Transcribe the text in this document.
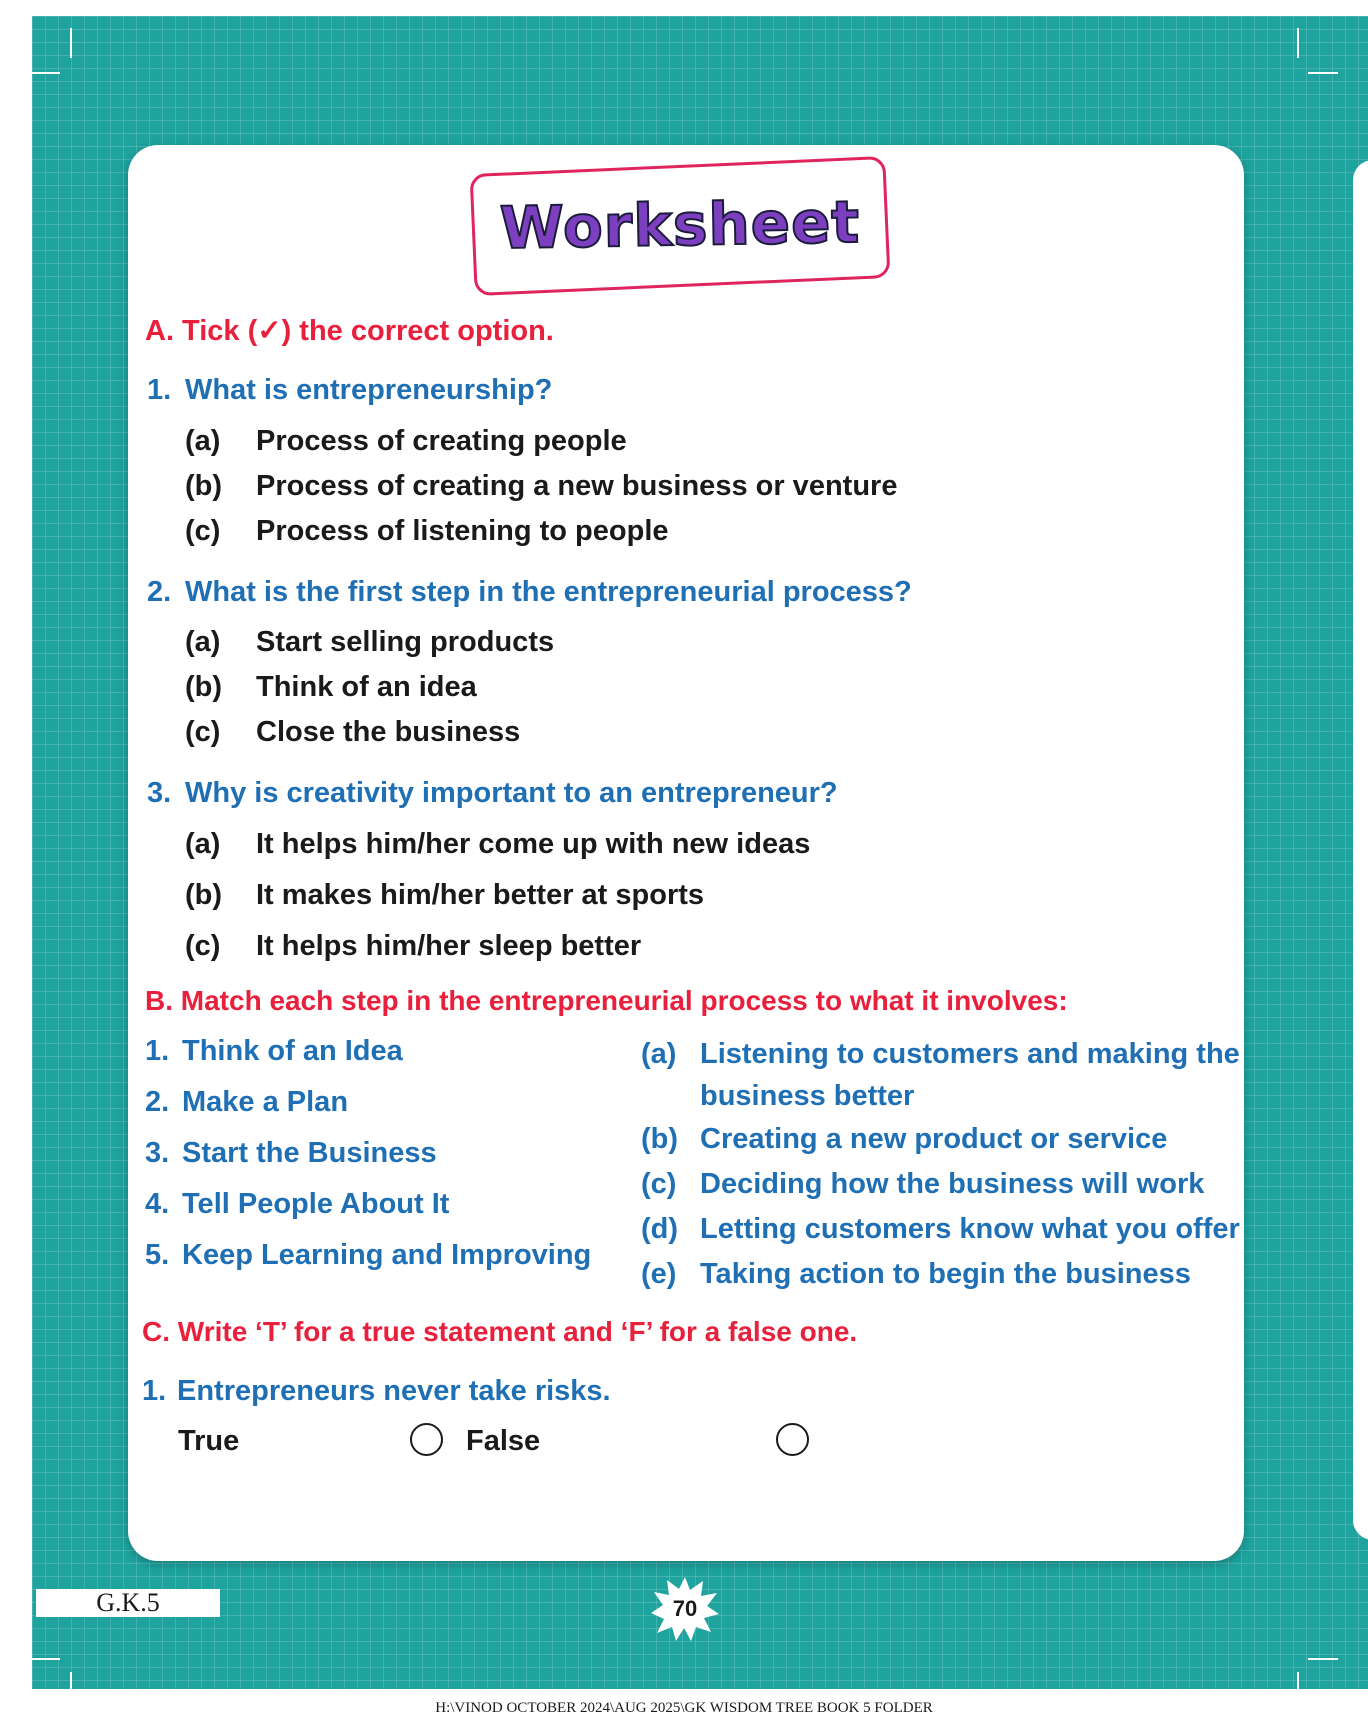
Worksheet
A. Tick (✓) the correct option.
1. What is entrepreneurship?
(a) Process of creating people
(b) Process of creating a new business or venture
(c) Process of listening to people
2. What is the first step in the entrepreneurial process?
(a) Start selling products
(b) Think of an idea
(c) Close the business
3. Why is creativity important to an entrepreneur?
(a) It helps him/her come up with new ideas
(b) It makes him/her better at sports
(c) It helps him/her sleep better
B. Match each step in the entrepreneurial process to what it involves:
1. Think of an Idea
2. Make a Plan
3. Start the Business
4. Tell People About It
5. Keep Learning and Improving
(a) Listening to customers and making the
business better
(b) Creating a new product or service
(c) Deciding how the business will work
(d) Letting customers know what you offer
(e) Taking action to begin the business
C. Write ‘T’ for a true statement and ‘F’ for a false one.
1. Entrepreneurs never take risks.
True	False
G.K.5	70
H:\VINOD OCTOBER 2024\AUG 2025\GK WISDOM TREE BOOK 5 FOLDER
